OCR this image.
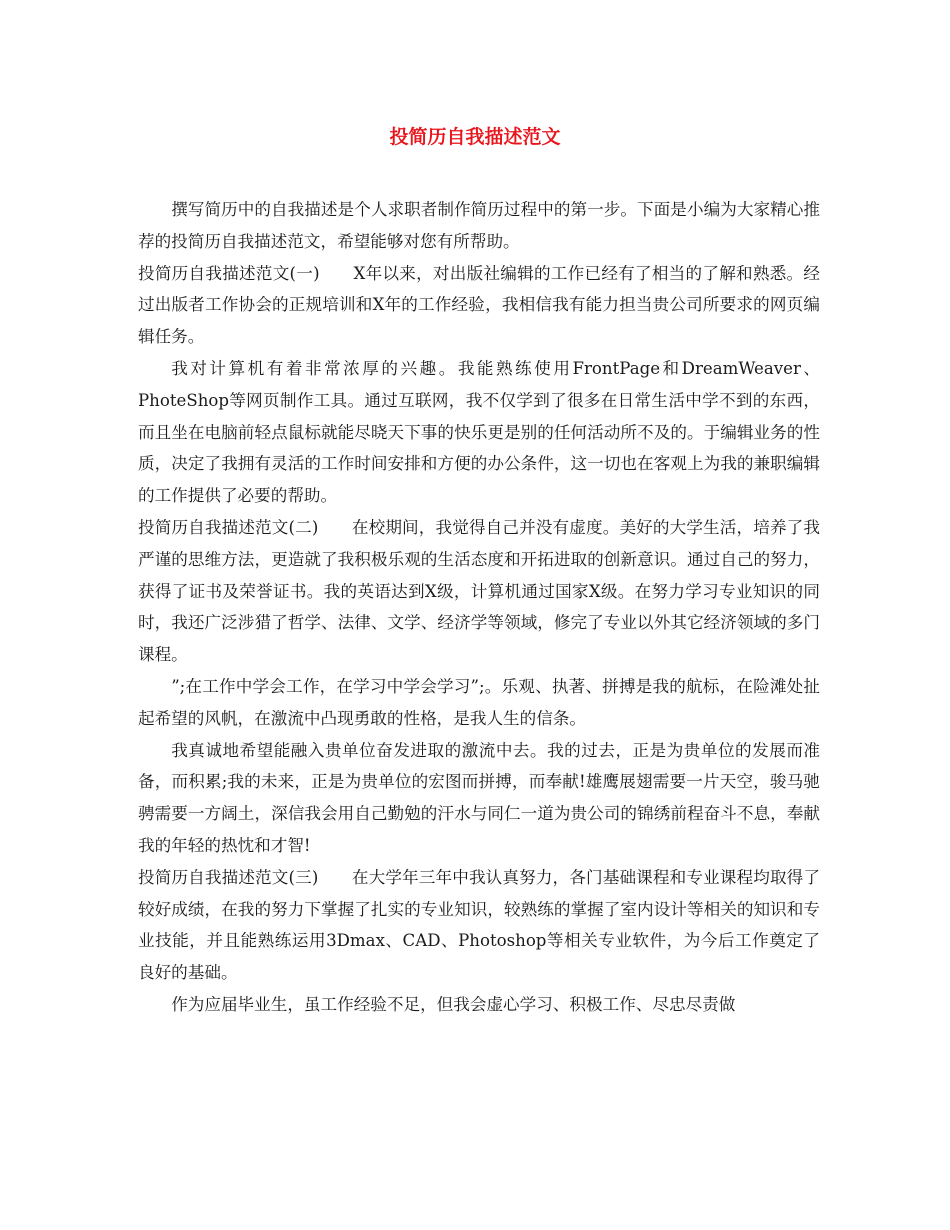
投简历自我描述范文

撰写简历中的自我描述是个人求职者制作简历过程中的第一步。下面是小编为大家精心推荐的投简历自我描述范文，希望能够对您有所帮助。

投简历自我描述范文(一)　　X年以来，对出版社编辑的工作已经有了相当的了解和熟悉。经过出版者工作协会的正规培训和X年的工作经验，我相信我有能力担当贵公司所要求的网页编辑任务。

我对计算机有着非常浓厚的兴趣。我能熟练使用FrontPage和DreamWeaver、PhoteShop等网页制作工具。通过互联网，我不仅学到了很多在日常生活中学不到的东西，而且坐在电脑前轻点鼠标就能尽晓天下事的快乐更是别的任何活动所不及的。于编辑业务的性质，决定了我拥有灵活的工作时间安排和方便的办公条件，这一切也在客观上为我的兼职编辑的工作提供了必要的帮助。

投简历自我描述范文(二)　　在校期间，我觉得自己并没有虚度。美好的大学生活，培养了我严谨的思维方法，更造就了我积极乐观的生活态度和开拓进取的创新意识。通过自己的努力，获得了证书及荣誉证书。我的英语达到X级，计算机通过国家X级。在努力学习专业知识的同时，我还广泛涉猎了哲学、法律、文学、经济学等领域，修完了专业以外其它经济领域的多门课程。

”;在工作中学会工作，在学习中学会学习”;。乐观、执著、拼搏是我的航标，在险滩处扯起希望的风帆，在激流中凸现勇敢的性格，是我人生的信条。

我真诚地希望能融入贵单位奋发进取的激流中去。我的过去，正是为贵单位的发展而准备，而积累;我的未来，正是为贵单位的宏图而拼搏，而奉献!雄鹰展翅需要一片天空，骏马驰骋需要一方阔土，深信我会用自己勤勉的汗水与同仁一道为贵公司的锦绣前程奋斗不息，奉献我的年轻的热忱和才智!

投简历自我描述范文(三)　　在大学年三年中我认真努力，各门基础课程和专业课程均取得了较好成绩，在我的努力下掌握了扎实的专业知识，较熟练的掌握了室内设计等相关的知识和专业技能，并且能熟练运用3Dmax、CAD、Photoshop等相关专业软件，为今后工作奠定了良好的基础。

作为应届毕业生，虽工作经验不足，但我会虚心学习、积极工作、尽忠尽责做
